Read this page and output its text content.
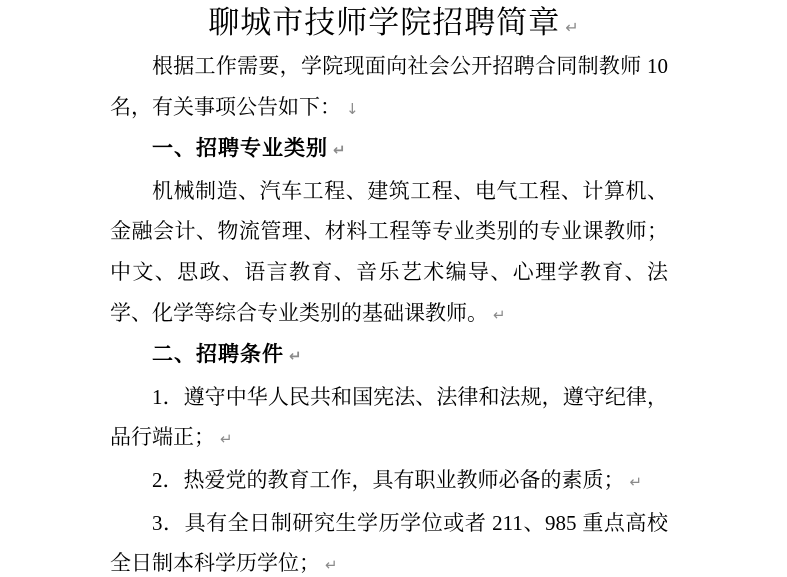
聊城市技师学院招聘简章 ↵

根据工作需要，学院现面向社会公开招聘合同制教师 10 名，有关事项公告如下： ↓

一、招聘专业类别 ↵

机械制造、汽车工程、建筑工程、电气工程、计算机、金融会计、物流管理、材料工程等专业类别的专业课教师；中文、思政、语言教育、音乐艺术编导、心理学教育、法学、化学等综合专业类别的基础课教师。 ↵

二、招聘条件 ↵

1．遵守中华人民共和国宪法、法律和法规，遵守纪律，品行端正； ↵

2．热爱党的教育工作，具有职业教师必备的素质； ↵

3．具有全日制研究生学历学位或者 211、985 重点高校全日制本科学历学位； ↵
